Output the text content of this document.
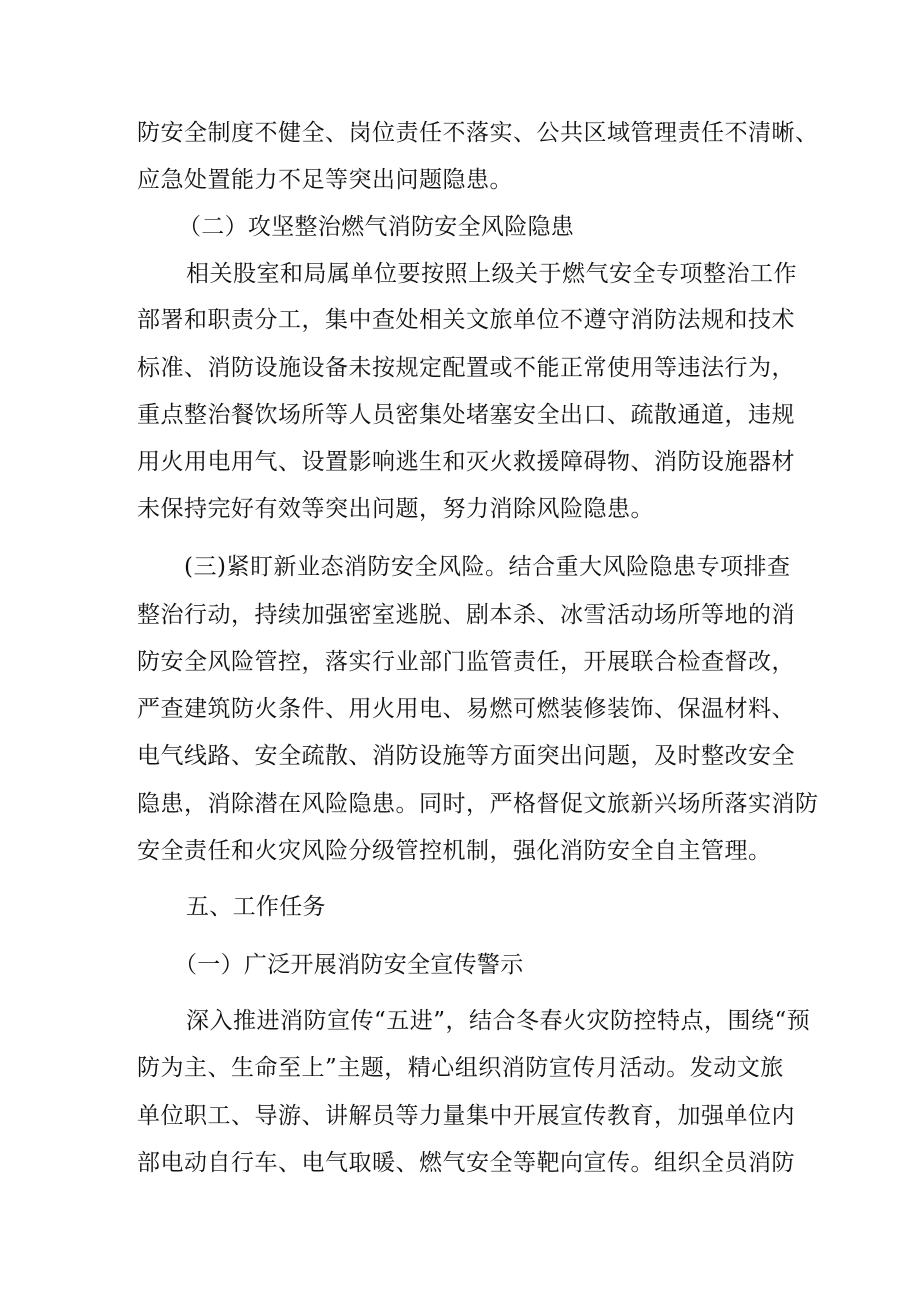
防安全制度不健全、岗位责任不落实、公共区域管理责任不清晰、
应急处置能力不足等突出问题隐患。
（二）攻坚整治燃气消防安全风险隐患
相关股室和局属单位要按照上级关于燃气安全专项整治工作
部署和职责分工，集中查处相关文旅单位不遵守消防法规和技术
标准、消防设施设备未按规定配置或不能正常使用等违法行为，
重点整治餐饮场所等人员密集处堵塞安全出口、疏散通道，违规
用火用电用气、设置影响逃生和灭火救援障碍物、消防设施器材
未保持完好有效等突出问题，努力消除风险隐患。
(三)紧盯新业态消防安全风险。结合重大风险隐患专项排查
整治行动，持续加强密室逃脱、剧本杀、冰雪活动场所等地的消
防安全风险管控，落实行业部门监管责任，开展联合检查督改，
严查建筑防火条件、用火用电、易燃可燃装修装饰、保温材料、
电气线路、安全疏散、消防设施等方面突出问题，及时整改安全
隐患，消除潜在风险隐患。同时，严格督促文旅新兴场所落实消防
安全责任和火灾风险分级管控机制，强化消防安全自主管理。
五、工作任务
（一）广泛开展消防安全宣传警示
深入推进消防宣传“五进”，结合冬春火灾防控特点，围绕“预
防为主、生命至上”主题，精心组织消防宣传月活动。发动文旅
单位职工、导游、讲解员等力量集中开展宣传教育，加强单位内
部电动自行车、电气取暖、燃气安全等靶向宣传。组织全员消防
